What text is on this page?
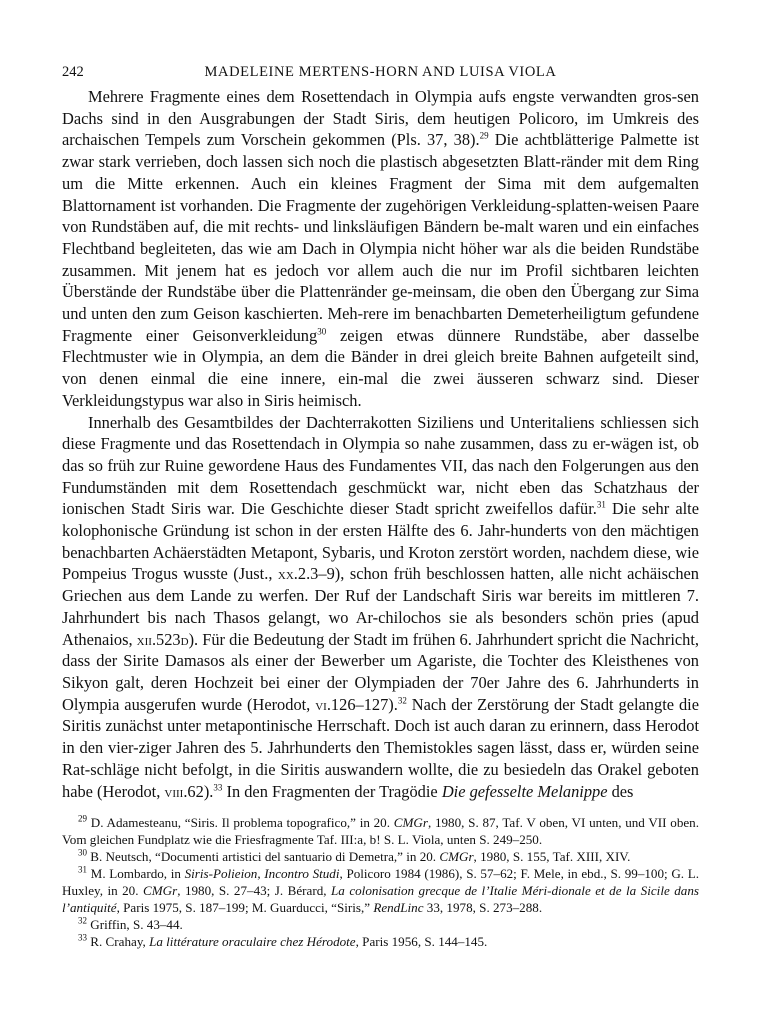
242	MADELEINE MERTENS-HORN AND LUISA VIOLA

Mehrere Fragmente eines dem Rosettendach in Olympia aufs engste verwandten gros-sen Dachs sind in den Ausgrabungen der Stadt Siris, dem heutigen Policoro, im Umkreis des archaischen Tempels zum Vorschein gekommen (Pls. 37, 38).$^{29}$ Die achtblätterige Palmette ist zwar stark verrieben, doch lassen sich noch die plastisch abgesetzten Blatt-ränder mit dem Ring um die Mitte erkennen. Auch ein kleines Fragment der Sima mit dem aufgemalten Blattornament ist vorhanden. Die Fragmente der zugehörigen Verkleidung-splatten-weisen Paare von Rundstäben auf, die mit rechts- und linksläufigen Bändern be-malt waren und ein einfaches Flechtband begleiteten, das wie am Dach in Olympia nicht höher war als die beiden Rundstäbe zusammen. Mit jenem hat es jedoch vor allem auch die nur im Profil sichtbaren leichten Überstände der Rundstäbe über die Plattenränder ge-meinsam, die oben den Übergang zur Sima und unten den zum Geison kaschierten. Meh-rere im benachbarten Demeterheiligtum gefundene Fragmente einer Geisonverkleidung$^{30}$ zeigen etwas dünnere Rundstäbe, aber dasselbe Flechtmuster wie in Olympia, an dem die Bänder in drei gleich breite Bahnen aufgeteilt sind, von denen einmal die eine innere, ein-mal die zwei äusseren schwarz sind. Dieser Verkleidungstypus war also in Siris heimisch.

Innerhalb des Gesamtbildes der Dachterrakotten Siziliens und Unteritaliens schliessen sich diese Fragmente und das Rosettendach in Olympia so nahe zusammen, dass zu er-wägen ist, ob das so früh zur Ruine gewordene Haus des Fundamentes VII, das nach den Folgerungen aus den Fundumständen mit dem Rosettendach geschmückt war, nicht eben das Schatzhaus der ionischen Stadt Siris war. Die Geschichte dieser Stadt spricht zweifellos dafür.$^{31}$ Die sehr alte kolophonische Gründung ist schon in der ersten Hälfte des 6. Jahr-hunderts von den mächtigen benachbarten Achäerstädten Metapont, Sybaris, und Kroton zerstört worden, nachdem diese, wie Pompeius Trogus wusste (Just., xx.2.3–9), schon früh beschlossen hatten, alle nicht achäischen Griechen aus dem Lande zu werfen. Der Ruf der Landschaft Siris war bereits im mittleren 7. Jahrhundert bis nach Thasos gelangt, wo Ar-chilochos sie als besonders schön pries (apud Athenaios, xii.523d). Für die Bedeutung der Stadt im frühen 6. Jahrhundert spricht die Nachricht, dass der Sirite Damasos als einer der Bewerber um Agariste, die Tochter des Kleisthenes von Sikyon galt, deren Hochzeit bei einer der Olympiaden der 70er Jahre des 6. Jahrhunderts in Olympia ausgerufen wurde (Herodot, vi.126–127).$^{32}$ Nach der Zerstörung der Stadt gelangte die Siritis zunächst unter metapontinische Herrschaft. Doch ist auch daran zu erinnern, dass Herodot in den vier-ziger Jahren des 5. Jahrhunderts den Themistokles sagen lässt, dass er, würden seine Rat-schläge nicht befolgt, in die Siritis auswandern wollte, die zu besiedeln das Orakel geboten habe (Herodot, viii.62).$^{33}$ In den Fragmenten der Tragödie Die gefesselte Melanippe des

$^{29}$ D. Adamesteanu, “Siris. Il problema topografico,” in 20. CMGr, 1980, S. 87, Taf. V oben, VI unten, und VII oben. Vom gleichen Fundplatz wie die Friesfragmente Taf. III:a, b! S. L. Viola, unten S. 249–250.

$^{30}$ B. Neutsch, “Documenti artistici del santuario di Demetra,” in 20. CMGr, 1980, S. 155, Taf. XIII, XIV.

$^{31}$ M. Lombardo, in Siris-Polieion, Incontro Studi, Policoro 1984 (1986), S. 57–62; F. Mele, in ebd., S. 99–100; G. L. Huxley, in 20. CMGr, 1980, S. 27–43; J. Bérard, La colonisation grecque de l’Italie Méri-dionale et de la Sicile dans l’antiquité, Paris 1975, S. 187–199; M. Guarducci, “Siris,” RendLinc 33, 1978, S. 273–288.

$^{32}$ Griffin, S. 43–44.

$^{33}$ R. Crahay, La littérature oraculaire chez Hérodote, Paris 1956, S. 144–145.
